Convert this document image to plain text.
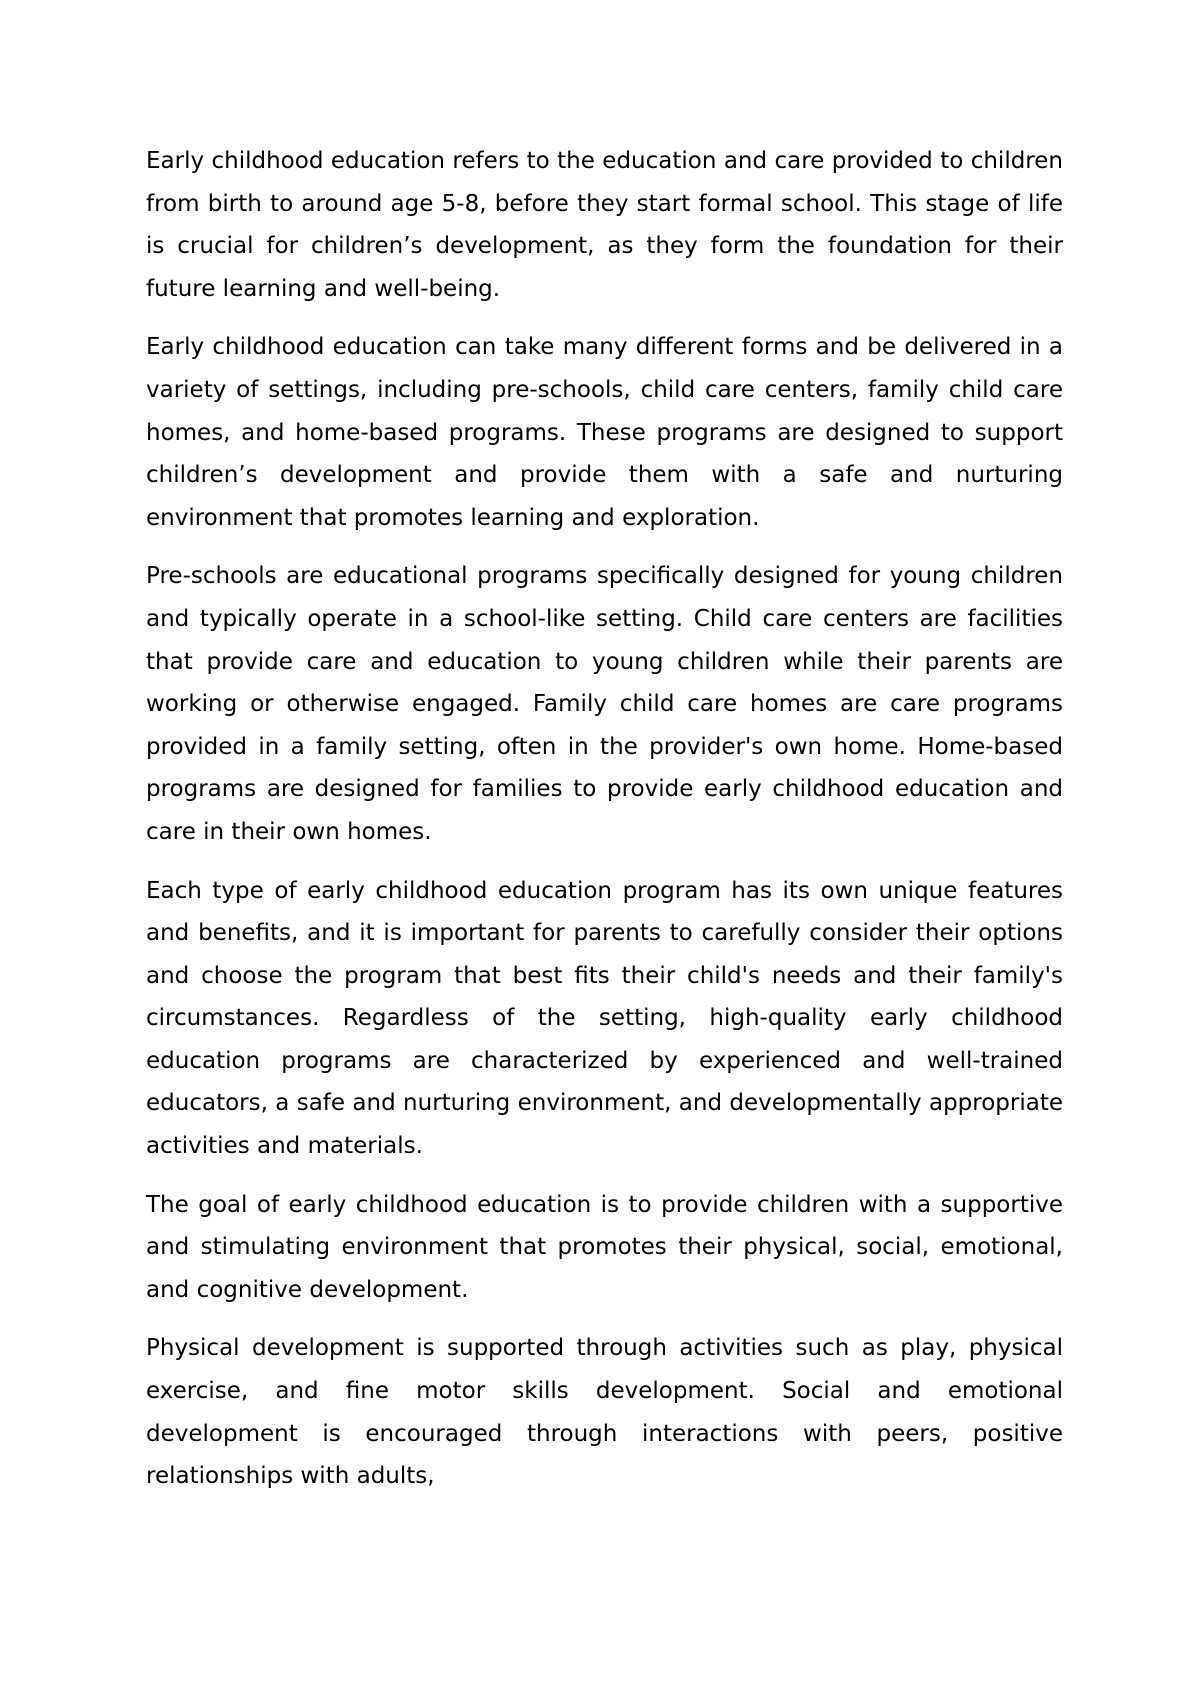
Early childhood education refers to the education and care provided to children from birth to around age 5-8, before they start formal school. This stage of life is crucial for children’s development, as they form the foundation for their future learning and well-being.

Early childhood education can take many different forms and be delivered in a variety of settings, including pre-schools, child care centers, family child care homes, and home-based programs. These programs are designed to support children’s development and provide them with a safe and nurturing environment that promotes learning and exploration.

Pre-schools are educational programs specifically designed for young children and typically operate in a school-like setting. Child care centers are facilities that provide care and education to young children while their parents are working or otherwise engaged. Family child care homes are care programs provided in a family setting, often in the provider's own home. Home-based programs are designed for families to provide early childhood education and care in their own homes.

Each type of early childhood education program has its own unique features and benefits, and it is important for parents to carefully consider their options and choose the program that best fits their child's needs and their family's circumstances. Regardless of the setting, high-quality early childhood education programs are characterized by experienced and well-trained educators, a safe and nurturing environment, and developmentally appropriate activities and materials.

The goal of early childhood education is to provide children with a supportive and stimulating environment that promotes their physical, social, emotional, and cognitive development.

Physical development is supported through activities such as play, physical exercise, and fine motor skills development. Social and emotional development is encouraged through interactions with peers, positive relationships with adults,
